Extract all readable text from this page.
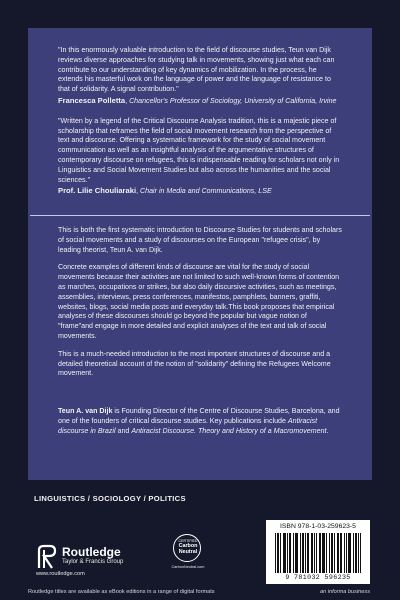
"In this enormously valuable introduction to the field of discourse studies, Teun van Dijk reviews diverse approaches for studying talk in movements, showing just what each can contribute to our understanding of key dynamics of mobilization. In the process, he extends his masterful work on the language of power and the language of resistance to that of solidarity. A signal contribution."

Francesca Polletta, Chancellor's Professor of Sociology, University of California, Irvine

"Written by a legend of the Critical Discourse Analysis tradition, this is a majestic piece of scholarship that reframes the field of social movement research from the perspective of text and discourse. Offering a systematic framework for the study of social movement communication as well as an insightful analysis of the argumentative structures of contemporary discourse on refugees, this is indispensable reading for scholars not only in Linguistics and Social Movement Studies but also across the humanities and the social sciences."

Prof. Lilie Chouliaraki, Chair in Media and Communications, LSE

This is both the first systematic introduction to Discourse Studies for students and scholars of social movements and a study of discourses on the European "refugee crisis", by leading theorist, Teun A. van Dijk.

Concrete examples of different kinds of discourse are vital for the study of social movements because their activities are not limited to such well-known forms of contention as marches, occupations or strikes, but also daily discursive activities, such as meetings, assemblies, interviews, press conferences, manifestos, pamphlets, banners, graffiti, websites, blogs, social media posts and everyday talk.This book proposes that empirical analyses of these discourses should go beyond the popular but vague notion of "frame"and engage in more detailed and explicit analyses of the text and talk of social movements.

This is a much-needed introduction to the most important structures of discourse and a detailed theoretical account of the notion of "solidarity" defining the Refugees Welcome movement.

Teun A. van Dijk is Founding Director of the Centre of Discourse Studies, Barcelona, and one of the founders of critical discourse studies. Key publications include Antiracist discourse in Brazil and Antiracist Discourse. Theory and History of a Macromovement.
LINGUISTICS / SOCIOLOGY / POLITICS
Routledge
Taylor & Francis Group
www.routledge.com
CERTIFIED
Carbon Neutral
CarbonNeutral.com
ISBN 978-1-03-259623-5
9 781032 596235
Routledge titles are available as eBook editions in a range of digital formats	an informa business
